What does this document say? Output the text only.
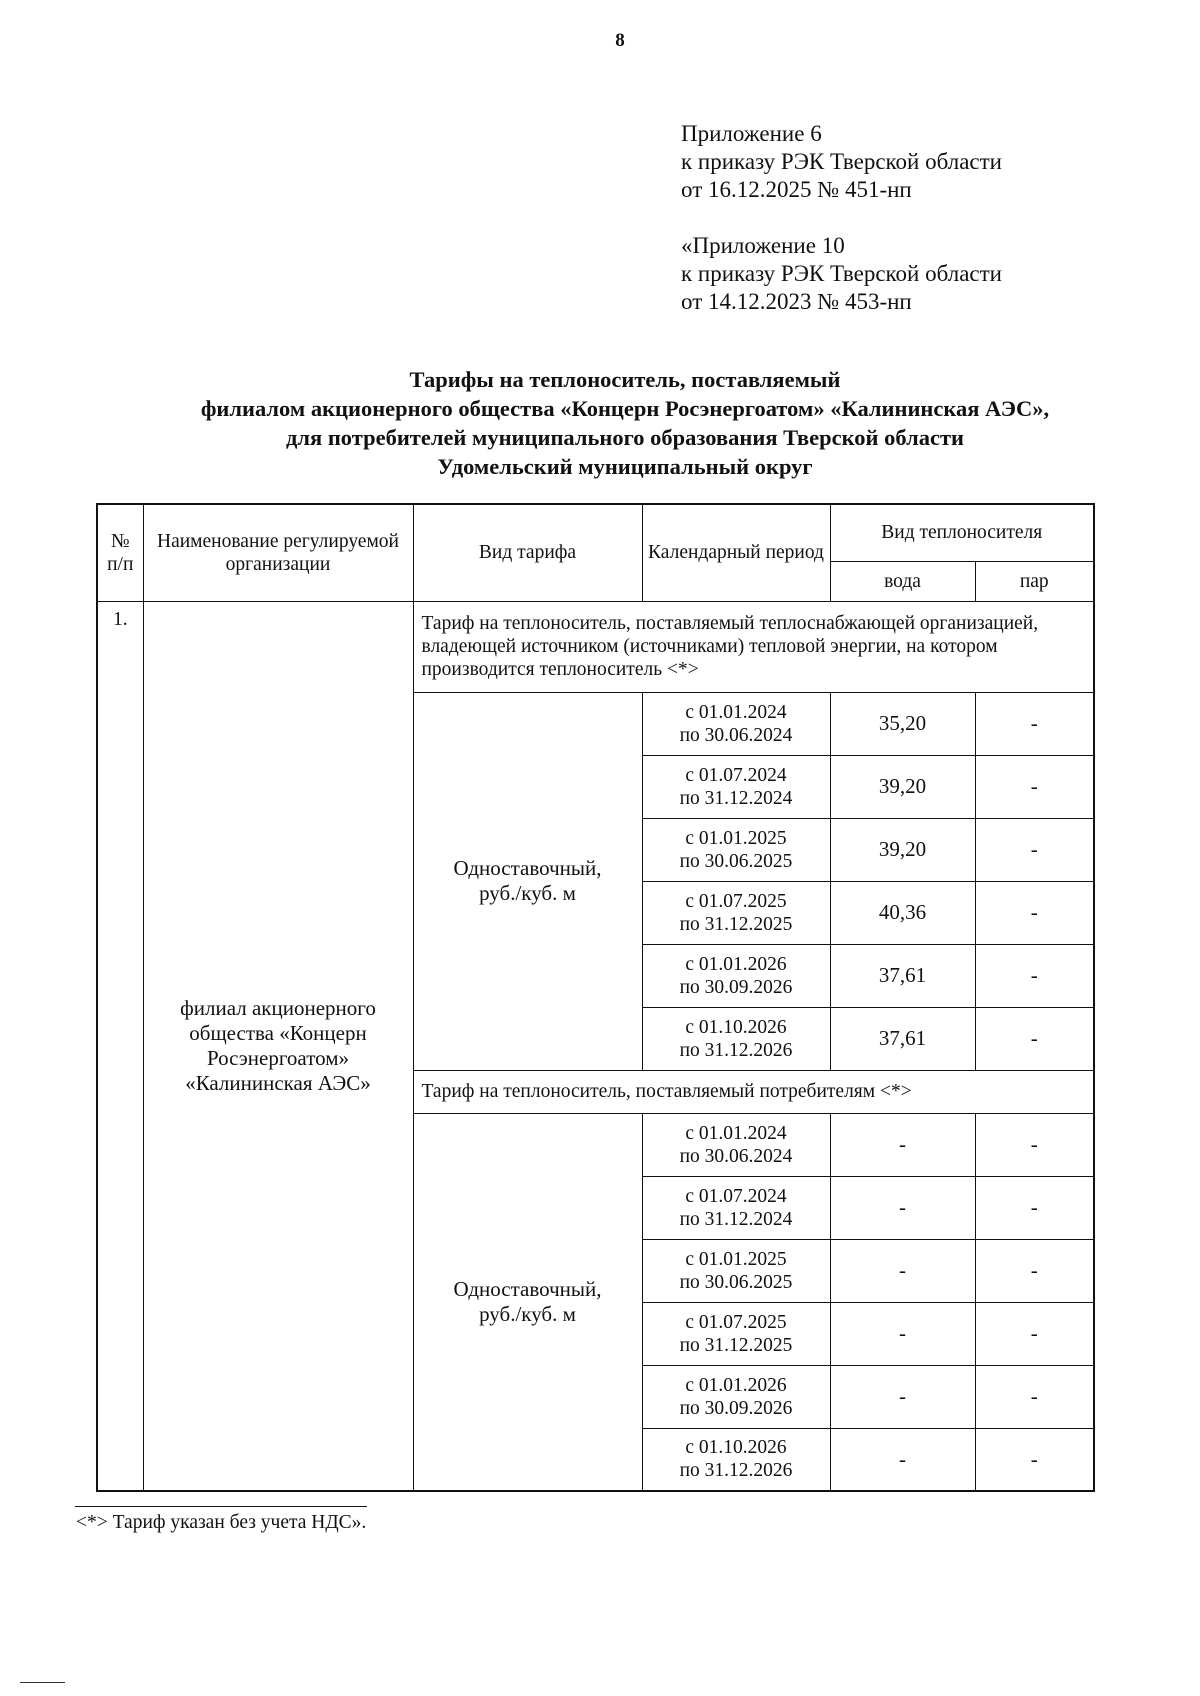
8
Приложение 6
к приказу РЭК Тверской области
от 16.12.2025 № 451-нп
«Приложение 10
к приказу РЭК Тверской области
от 14.12.2023 № 453-нп
Тарифы на теплоноситель, поставляемый
филиалом акционерного общества «Концерн Росэнергоатом» «Калининская АЭС»,
для потребителей муниципального образования Тверской области
Удомельский муниципальный округ
№ п/п	Наименование регулируемой организации	Вид тарифа	Календарный период	Вид теплоносителя	
				вода	пар
1.	филиал акционерного общества «Концерн Росэнергоатом» «Калининская АЭС»	Тариф на теплоноситель, поставляемый теплоснабжающей организацией, владеющей источником (источниками) тепловой энергии, на котором производится теплоноситель <*>			
		Одноставочный, руб./куб. м	с 01.01.2024
по 30.06.2024	35,20	-

			с 01.07.2024
по 31.12.2024	39,20	-

			с 01.01.2025
по 30.06.2025	39,20	-

			с 01.07.2025
по 31.12.2025	40,36	-

			с 01.01.2026
по 30.09.2026	37,61	-

			с 01.10.2026
по 31.12.2026	37,61	-
		Тариф на теплоноситель, поставляемый потребителям <*>			
		Одноставочный, руб./куб. м	с 01.01.2024
по 30.06.2024	-	-

			с 01.07.2024
по 31.12.2024	-	-

			с 01.01.2025
по 30.06.2025	-	-

			с 01.07.2025
по 31.12.2025	-	-

			с 01.01.2026
по 30.09.2026	-	-

			с 01.10.2026
по 31.12.2026	-	-
<*> Тариф указан без учета НДС».
